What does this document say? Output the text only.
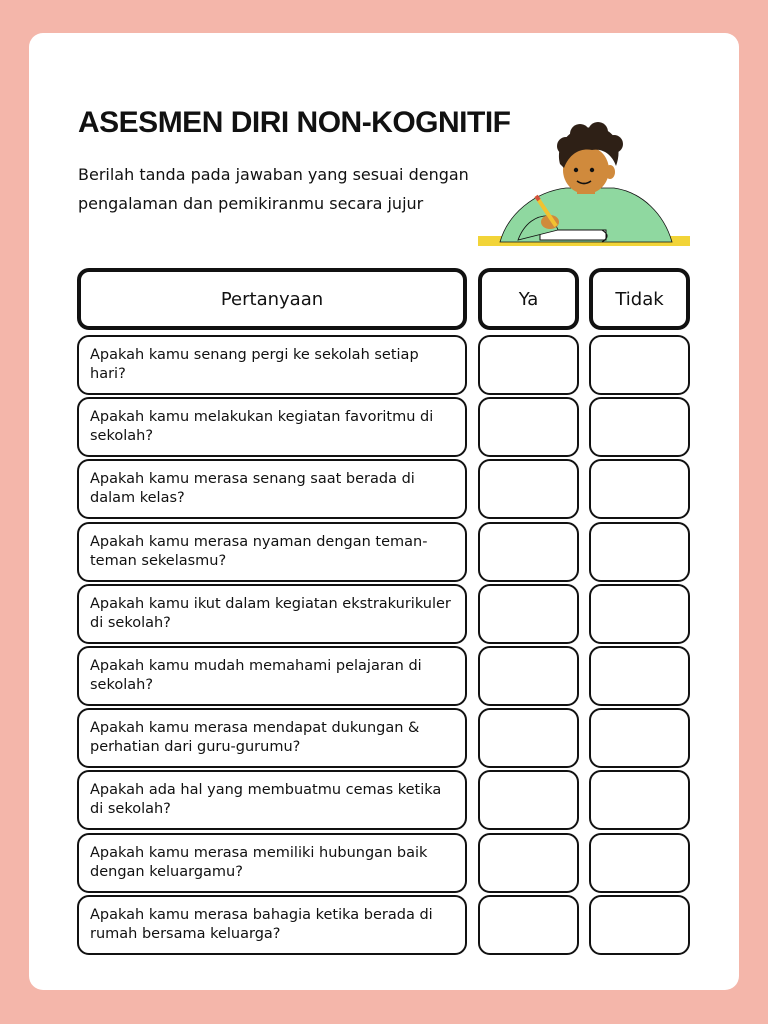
ASESMEN DIRI NON-KOGNITIF
Berilah tanda pada jawaban yang sesuai dengan pengalaman dan pemikiranmu secara jujur
Pertanyaan	Ya	Tidak
Apakah kamu senang pergi ke sekolah setiap hari?
Apakah kamu melakukan kegiatan favoritmu di sekolah?
Apakah kamu merasa senang saat berada di dalam kelas?
Apakah kamu merasa nyaman dengan teman-teman sekelasmu?
Apakah kamu ikut dalam kegiatan ekstrakurikuler di sekolah?
Apakah kamu mudah memahami pelajaran di sekolah?
Apakah kamu merasa mendapat dukungan & perhatian dari guru-gurumu?
Apakah ada hal yang membuatmu cemas ketika di sekolah?
Apakah kamu merasa memiliki hubungan baik dengan keluargamu?
Apakah kamu merasa bahagia ketika berada di rumah bersama keluarga?
